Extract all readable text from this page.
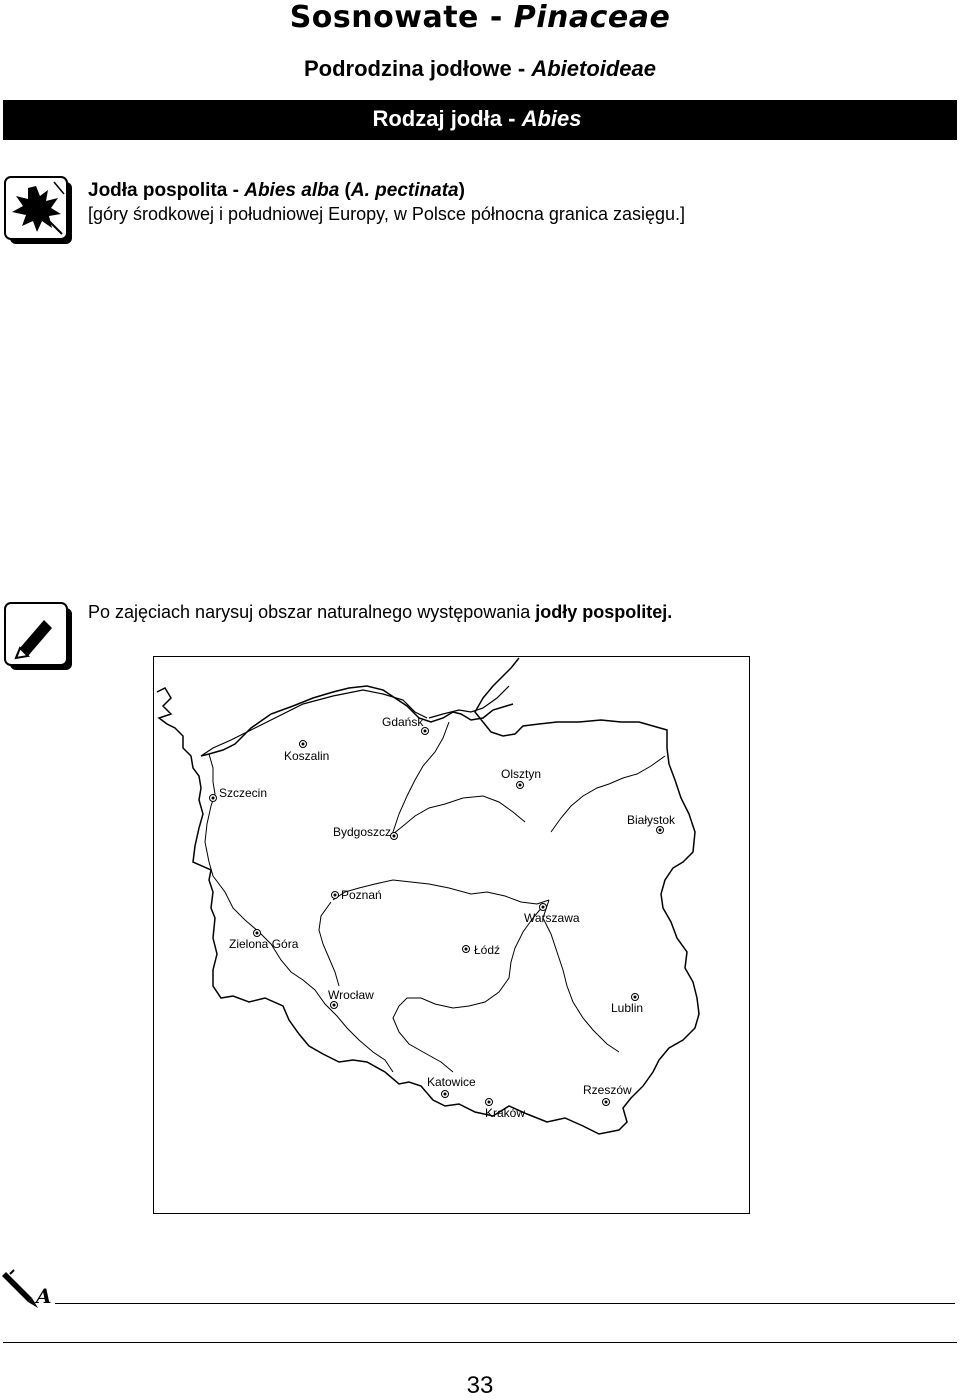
Sosnowate - Pinaceae
Podrodzina jodłowe - Abietoideae
Rodzaj jodła - Abies
Jodła pospolita - Abies alba (A. pectinata)
[góry środkowej i południowej Europy, w Polsce północna granica zasięgu.]
Po zajęciach narysuj obszar naturalnego występowania jodły pospolitej.
Gdańsk
Koszalin
Szczecin
Olsztyn
Bydgoszcz
Białystok
Poznań
Warszawa
Zielona Góra	Łódź
Wrocław
Lublin
Katowice
Kraków
Rzeszów
A
33
